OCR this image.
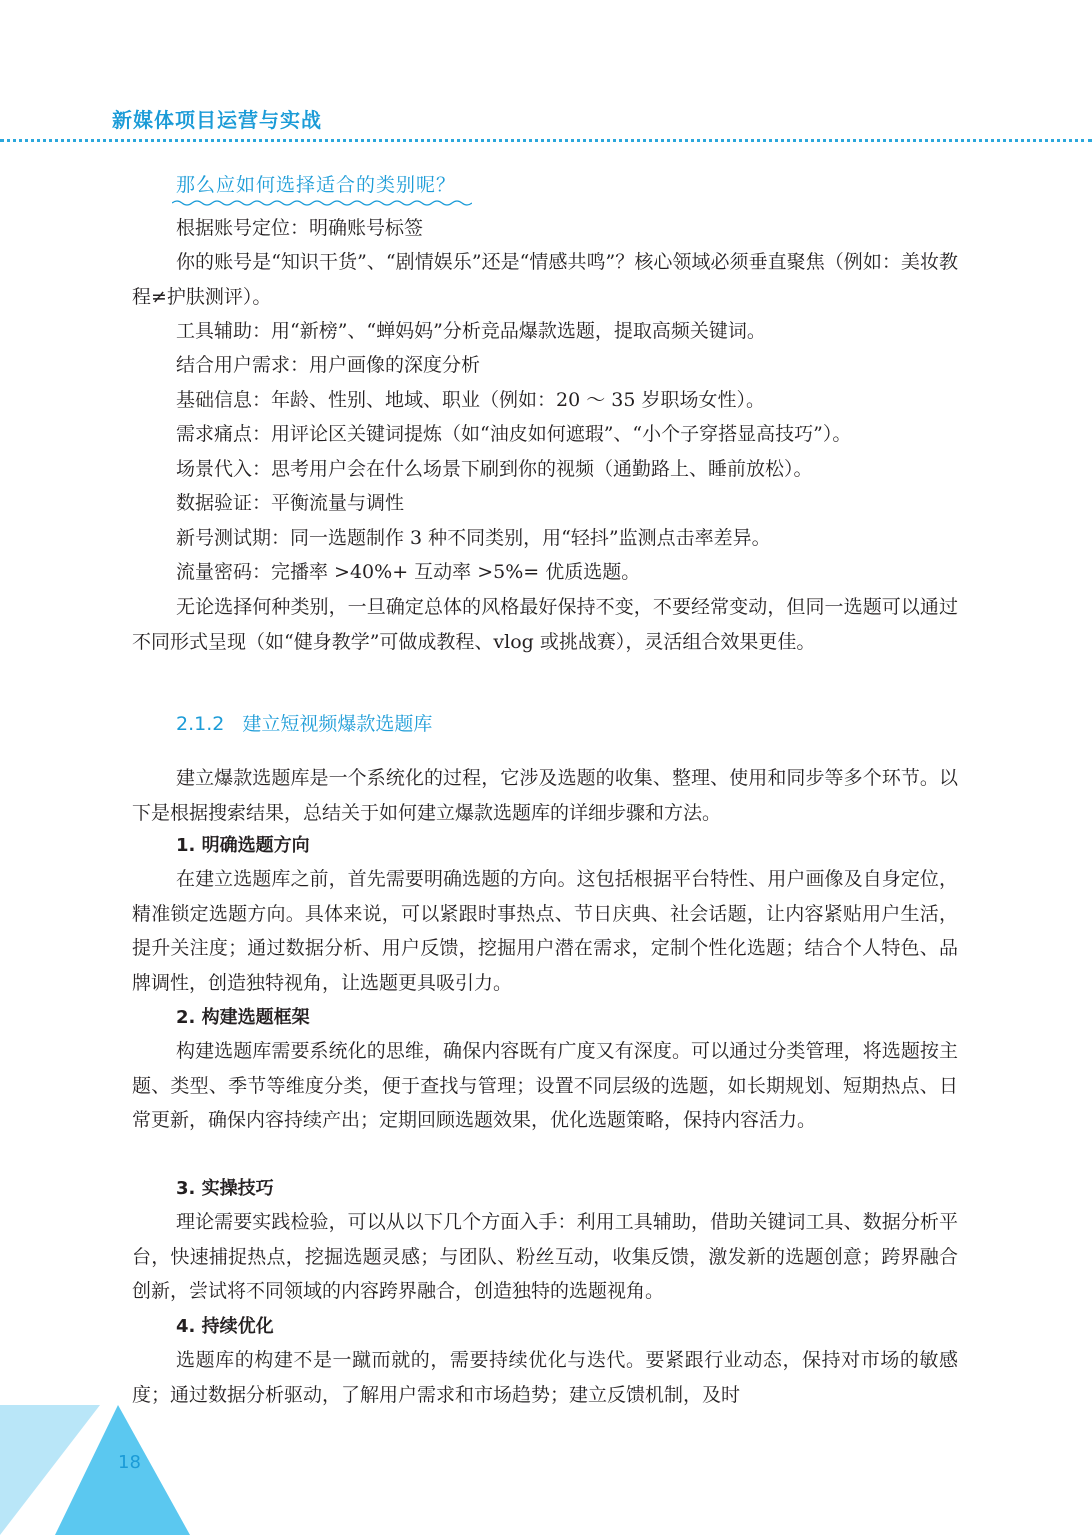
新媒体项目运营与实战
那么应如何选择适合的类别呢？

根据账号定位：明确账号标签

你的账号是“知识干货”、“剧情娱乐”还是“情感共鸣”？核心领域必须垂直聚焦（例如：美妆教程≠护肤测评）。

工具辅助：用“新榜”、“蝉妈妈”分析竞品爆款选题，提取高频关键词。

结合用户需求：用户画像的深度分析

基础信息：年龄、性别、地域、职业（例如：20 ～ 35 岁职场女性）。

需求痛点：用评论区关键词提炼（如“油皮如何遮瑕”、“小个子穿搭显高技巧”）。

场景代入：思考用户会在什么场景下刷到你的视频（通勤路上、睡前放松）。

数据验证：平衡流量与调性

新号测试期：同一选题制作 3 种不同类别，用“轻抖”监测点击率差异。

流量密码：完播率 >40%+ 互动率 >5%= 优质选题。

无论选择何种类别，一旦确定总体的风格最好保持不变，不要经常变动，但同一选题可以通过不同形式呈现（如“健身教学”可做成教程、vlog 或挑战赛），灵活组合效果更佳。

2.1.2 建立短视频爆款选题库

建立爆款选题库是一个系统化的过程，它涉及选题的收集、整理、使用和同步等多个环节。以下是根据搜索结果，总结关于如何建立爆款选题库的详细步骤和方法。

1. 明确选题方向

在建立选题库之前，首先需要明确选题的方向。这包括根据平台特性、用户画像及自身定位，精准锁定选题方向。具体来说，可以紧跟时事热点、节日庆典、社会话题，让内容紧贴用户生活，提升关注度；通过数据分析、用户反馈，挖掘用户潜在需求，定制个性化选题；结合个人特色、品牌调性，创造独特视角，让选题更具吸引力。

2. 构建选题框架

构建选题库需要系统化的思维，确保内容既有广度又有深度。可以通过分类管理，将选题按主题、类型、季节等维度分类，便于查找与管理；设置不同层级的选题，如长期规划、短期热点、日常更新，确保内容持续产出；定期回顾选题效果，优化选题策略，保持内容活力。

3. 实操技巧

理论需要实践检验，可以从以下几个方面入手：利用工具辅助，借助关键词工具、数据分析平台，快速捕捉热点，挖掘选题灵感；与团队、粉丝互动，收集反馈，激发新的选题创意；跨界融合创新，尝试将不同领域的内容跨界融合，创造独特的选题视角。

4. 持续优化

选题库的构建不是一蹴而就的，需要持续优化与迭代。要紧跟行业动态，保持对市场的敏感度；通过数据分析驱动，了解用户需求和市场趋势；建立反馈机制，及时

18
